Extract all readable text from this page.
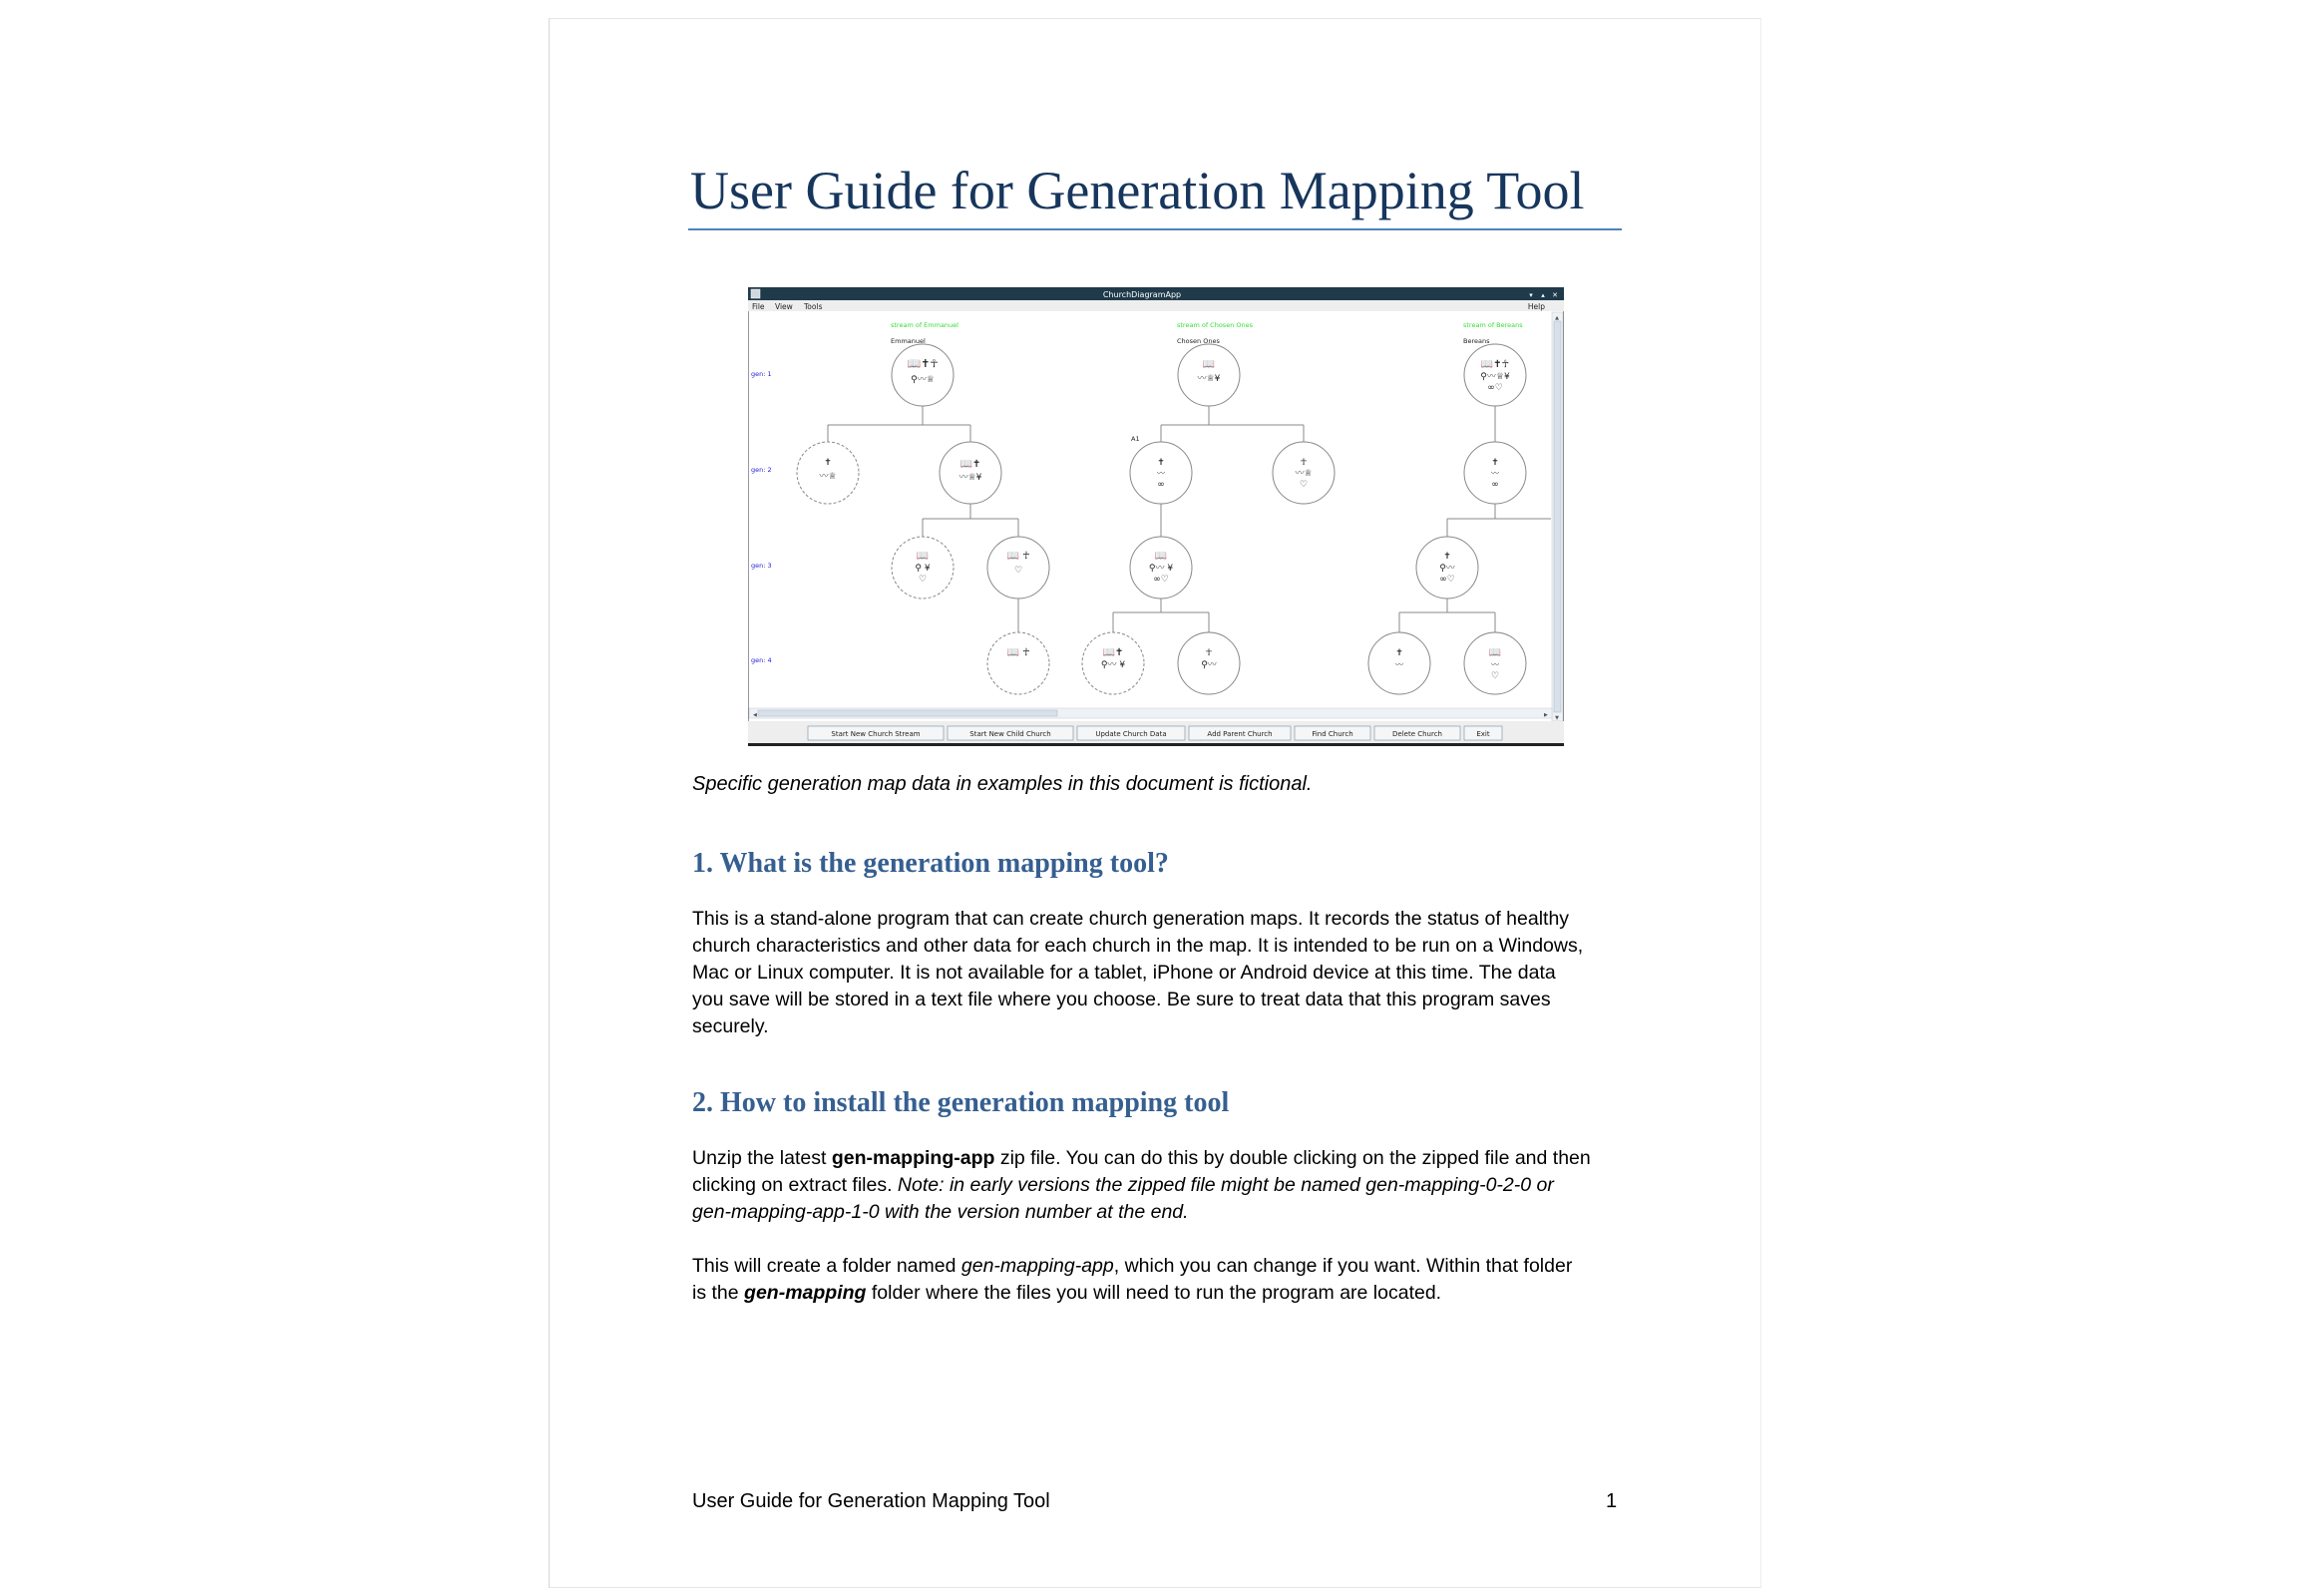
User Guide for Generation Mapping Tool
ChurchDiagramApp	▾ ▴ ✕
File View Tools	Help
▲
▼
◀	▶
stream of Emmanuel	stream of Chosen Ones	stream of Bereans
Emmanuel	Chosen Ones	Bereans
gen: 1
gen: 2
gen: 3
gen: 4
A1
📖✝☥
⚲〰♕
📖
〰♕¥
📖✝☥
⚲〰♕¥
∞♡
✝
〰♕
📖✝
〰♕¥
✝
〰
∞
☥
〰♕
♡
✝
〰
∞
📖
⚲ ¥
♡
📖 ☥
♡
📖
⚲〰 ¥
∞♡
✝
⚲〰
∞♡
📖 ☥	📖✝
⚲〰 ¥
☥
⚲〰
✝
〰
📖
〰
♡
Start New Church Stream	Start New Child Church	Update Church Data	Add Parent Church	Find Church	Delete Church	Exit
Specific generation map data in examples in this document is fictional.
1. What is the generation mapping tool?
This is a stand-alone program that can create church generation maps. It records the status of healthy
church characteristics and other data for each church in the map. It is intended to be run on a Windows,
Mac or Linux computer. It is not available for a tablet, iPhone or Android device at this time. The data
you save will be stored in a text file where you choose. Be sure to treat data that this program saves
securely.
2. How to install the generation mapping tool
Unzip the latest gen-mapping-app zip file. You can do this by double clicking on the zipped file and then
clicking on extract files. Note: in early versions the zipped file might be named gen-mapping-0-2-0 or
gen-mapping-app-1-0 with the version number at the end.
This will create a folder named gen-mapping-app, which you can change if you want. Within that folder
is the gen-mapping folder where the files you will need to run the program are located.
User Guide for Generation Mapping Tool	1
